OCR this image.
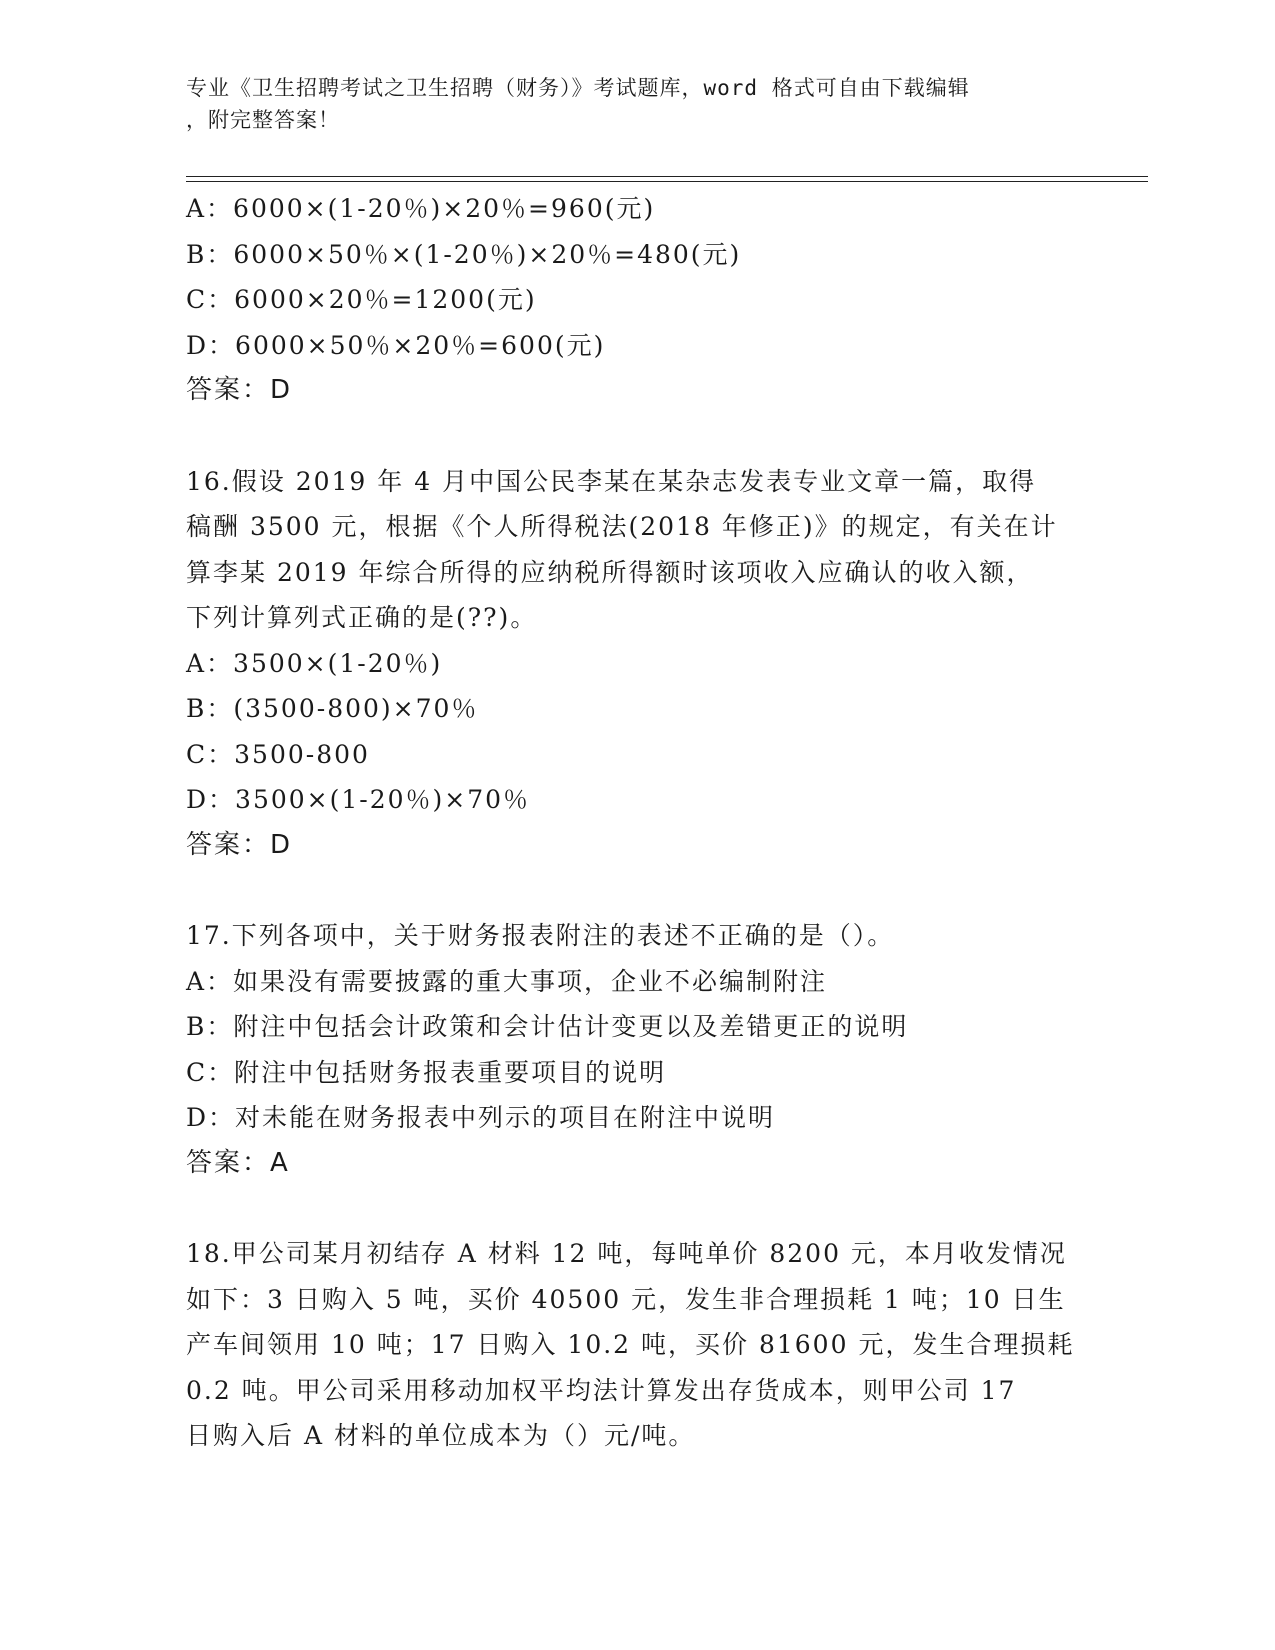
专业《卫生招聘考试之卫生招聘（财务）》考试题库，word 格式可自由下载编辑
，附完整答案！
A：6000×(1-20％)×20％=960(元)
B：6000×50％×(1-20％)×20％=480(元)
C：6000×20％=1200(元)
D：6000×50％×20％=600(元)
答案：D
16.假设 2019 年 4 月中国公民李某在某杂志发表专业文章一篇，取得
稿酬 3500 元，根据《个人所得税法(2018 年修正)》的规定，有关在计
算李某 2019 年综合所得的应纳税所得额时该项收入应确认的收入额，
下列计算列式正确的是(??)。
A：3500×(1-20％)
B：(3500-800)×70％
C：3500-800
D：3500×(1-20％)×70％
答案：D
17.下列各项中，关于财务报表附注的表述不正确的是（）。
A：如果没有需要披露的重大事项，企业不必编制附注
B：附注中包括会计政策和会计估计变更以及差错更正的说明
C：附注中包括财务报表重要项目的说明
D：对未能在财务报表中列示的项目在附注中说明
答案：A
18.甲公司某月初结存 A 材料 12 吨，每吨单价 8200 元，本月收发情况
如下：3 日购入 5 吨，买价 40500 元，发生非合理损耗 1 吨；10 日生
产车间领用 10 吨；17 日购入 10.2 吨，买价 81600 元，发生合理损耗
0.2 吨。甲公司采用移动加权平均法计算发出存货成本，则甲公司 17
日购入后 A 材料的单位成本为（）元/吨。
